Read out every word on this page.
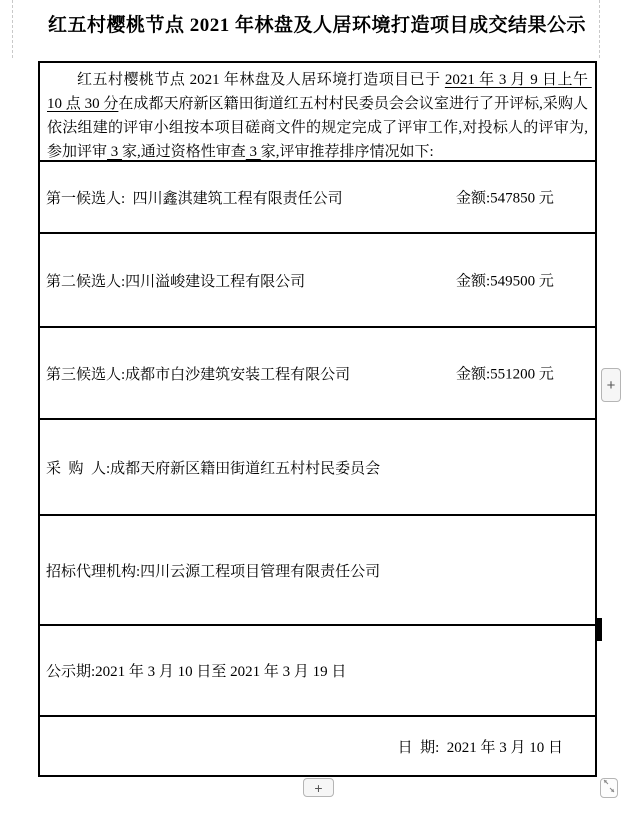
红五村樱桃节点 2021 年林盘及人居环境打造项目成交结果公示
红五村樱桃节点 2021 年林盘及人居环境打造项目已于 2021 年 3 月 9 日上午 10 点 30 分在成都天府新区籍田街道红五村村民委员会会议室进行了开评标,采购人依法组建的评审小组按本项目磋商文件的规定完成了评审工作,对投标人的评审为,参加评审 3 家,通过资格性审查 3 家,评审推荐排序情况如下:
第一候选人:  四川鑫淇建筑工程有限责任公司	金额:547850 元
第二候选人:四川溢峻建设工程有限公司	金额:549500 元
第三候选人:成都市白沙建筑安装工程有限公司	金额:551200 元
采  购  人:成都天府新区籍田街道红五村村民委员会
招标代理机构:四川云源工程项目管理有限责任公司
公示期:2021 年 3 月 10 日至 2021 年 3 月 19 日
日  期:  2021 年 3 月 10 日
+
+
